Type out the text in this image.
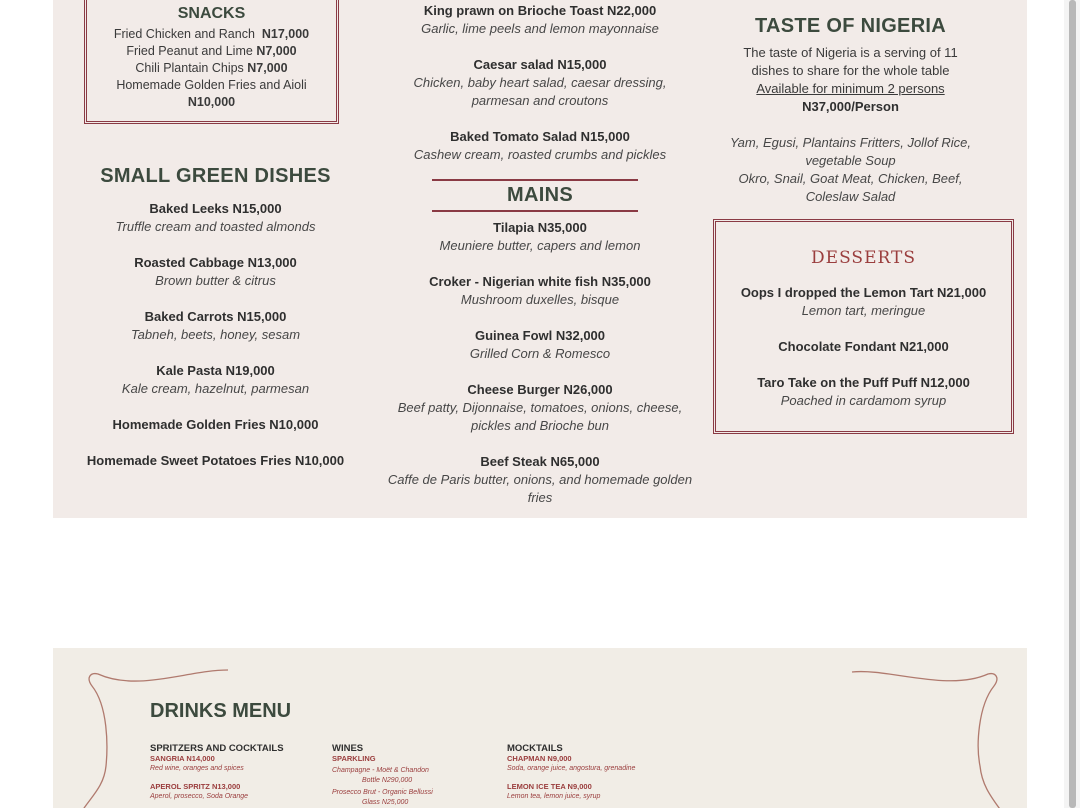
SNACKS
Fried Chicken and Ranch N17,000
Fried Peanut and Lime N7,000
Chili Plantain Chips N7,000
Homemade Golden Fries and Aioli
N10,000
SMALL GREEN DISHES
Baked Leeks N15,000
Truffle cream and toasted almonds
Roasted Cabbage N13,000
Brown butter & citrus
Baked Carrots N15,000
Tabneh, beets, honey, sesam
Kale Pasta N19,000
Kale cream, hazelnut, parmesan
Homemade Golden Fries N10,000
Homemade Sweet Potatoes Fries N10,000
King prawn on Brioche Toast N22,000
Garlic, lime peels and lemon mayonnaise
Caesar salad N15,000
Chicken, baby heart salad, caesar dressing,
parmesan and croutons
Baked Tomato Salad N15,000
Cashew cream, roasted crumbs and pickles
MAINS
Tilapia N35,000
Meuniere butter, capers and lemon
Croker - Nigerian white fish N35,000
Mushroom duxelles, bisque
Guinea Fowl N32,000
Grilled Corn & Romesco
Cheese Burger N26,000
Beef patty, Dijonnaise, tomatoes, onions, cheese,
pickles and Brioche bun
Beef Steak N65,000
Caffe de Paris butter, onions, and homemade golden
fries
TASTE OF NIGERIA
The taste of Nigeria is a serving of 11
dishes to share for the whole table
Available for minimum 2 persons
N37,000/Person
Yam, Egusi, Plantains Fritters, Jollof Rice,
vegetable Soup
Okro, Snail, Goat Meat, Chicken, Beef,
Coleslaw Salad
DESSERTS
Oops I dropped the Lemon Tart N21,000
Lemon tart, meringue
Chocolate Fondant N21,000
Taro Take on the Puff Puff N12,000
Poached in cardamom syrup
DRINKS MENU
SPRITZERS AND COCKTAILS
SANGRIA N14,000
Red wine, oranges and spices
APEROL SPRITZ N13,000
Aperol, prosecco, Soda Orange
WINES
SPARKLING
Champagne - Moët & Chandon
Bottle N290,000
Prosecco Brut - Organic Bellussi
Glass N25,000
MOCKTAILS
CHAPMAN N9,000
Soda, orange juice, angostura, grenadine
LEMON ICE TEA N9,000
Lemon tea, lemon juice, syrup
